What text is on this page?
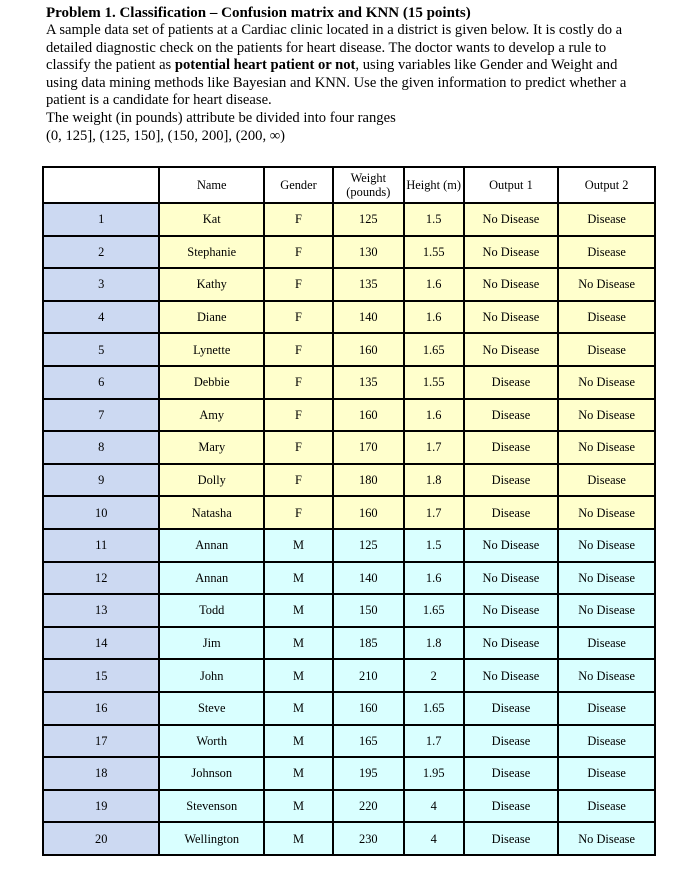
Problem 1. Classification – Confusion matrix and KNN (15 points)

A sample data set of patients at a Cardiac clinic located in a district is given below. It is costly do a detailed diagnostic check on the patients for heart disease. The doctor wants to develop a rule to classify the patient as potential heart patient or not, using variables like Gender and Weight and using data mining methods like Bayesian and KNN. Use the given information to predict whether a patient is a candidate for heart disease.

The weight (in pounds) attribute be divided into four ranges

(0, 125], (125, 150], (150, 200], (200, ∞)

	Name	Gender	Weight (pounds)	Height (m)	Output 1	Output 2
1	Kat	F	125	1.5	No Disease	Disease
2	Stephanie	F	130	1.55	No Disease	Disease
3	Kathy	F	135	1.6	No Disease	No Disease
4	Diane	F	140	1.6	No Disease	Disease
5	Lynette	F	160	1.65	No Disease	Disease
6	Debbie	F	135	1.55	Disease	No Disease
7	Amy	F	160	1.6	Disease	No Disease
8	Mary	F	170	1.7	Disease	No Disease
9	Dolly	F	180	1.8	Disease	Disease
10	Natasha	F	160	1.7	Disease	No Disease
11	Annan	M	125	1.5	No Disease	No Disease
12	Annan	M	140	1.6	No Disease	No Disease
13	Todd	M	150	1.65	No Disease	No Disease
14	Jim	M	185	1.8	No Disease	Disease
15	John	M	210	2	No Disease	No Disease
16	Steve	M	160	1.65	Disease	Disease
17	Worth	M	165	1.7	Disease	Disease
18	Johnson	M	195	1.95	Disease	Disease
19	Stevenson	M	220	4	Disease	Disease
20	Wellington	M	230	4	Disease	No Disease
